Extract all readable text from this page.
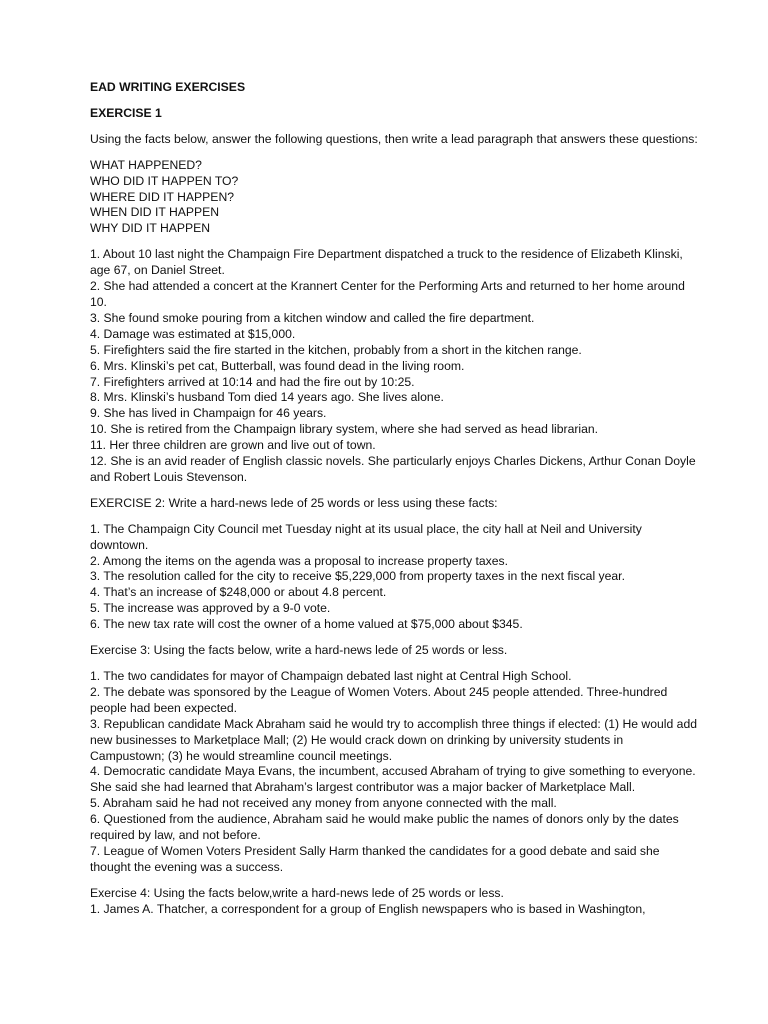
EAD WRITING EXERCISES

EXERCISE 1

Using the facts below, answer the following questions, then write a lead paragraph that answers these questions:

WHAT HAPPENED?
WHO DID IT HAPPEN TO?
WHERE DID IT HAPPEN?
WHEN DID IT HAPPEN
WHY DID IT HAPPEN
1. About 10 last night the Champaign Fire Department dispatched a truck to the residence of Elizabeth Klinski, age 67, on Daniel Street.
2. She had attended a concert at the Krannert Center for the Performing Arts and returned to her home around 10.
3. She found smoke pouring from a kitchen window and called the fire department.
4. Damage was estimated at $15,000.
5. Firefighters said the fire started in the kitchen, probably from a short in the kitchen range.
6. Mrs. Klinski’s pet cat, Butterball, was found dead in the living room.
7. Firefighters arrived at 10:14 and had the fire out by 10:25.
8. Mrs. Klinski’s husband Tom died 14 years ago. She lives alone.
9. She has lived in Champaign for 46 years.
10. She is retired from the Champaign library system, where she had served as head librarian.
11. Her three children are grown and live out of town.
12. She is an avid reader of English classic novels. She particularly enjoys Charles Dickens, Arthur Conan Doyle and Robert Louis Stevenson.

EXERCISE 2: Write a hard-news lede of 25 words or less using these facts:

1. The Champaign City Council met Tuesday night at its usual place, the city hall at Neil and University downtown.
2. Among the items on the agenda was a proposal to increase property taxes.
3. The resolution called for the city to receive $5,229,000 from property taxes in the next fiscal year.
4. That’s an increase of $248,000 or about 4.8 percent.
5. The increase was approved by a 9-0 vote.
6. The new tax rate will cost the owner of a home valued at $75,000 about $345.

Exercise 3: Using the facts below, write a hard-news lede of 25 words or less.

1. The two candidates for mayor of Champaign debated last night at Central High School.
2. The debate was sponsored by the League of Women Voters. About 245 people attended. Three-hundred people had been expected.
3. Republican candidate Mack Abraham said he would try to accomplish three things if elected: (1) He would add new businesses to Marketplace Mall; (2) He would crack down on drinking by university students in Campustown; (3) he would streamline council meetings.
4. Democratic candidate Maya Evans, the incumbent, accused Abraham of trying to give something to everyone. She said she had learned that Abraham’s largest contributor was a major backer of Marketplace Mall.
5. Abraham said he had not received any money from anyone connected with the mall.
6. Questioned from the audience, Abraham said he would make public the names of donors only by the dates required by law, and not before.
7. League of Women Voters President Sally Harm thanked the candidates for a good debate and said she thought the evening was a success.

Exercise 4: Using the facts below,write a hard-news lede of 25 words or less.

1. James A. Thatcher, a correspondent for a group of English newspapers who is based in Washington,
